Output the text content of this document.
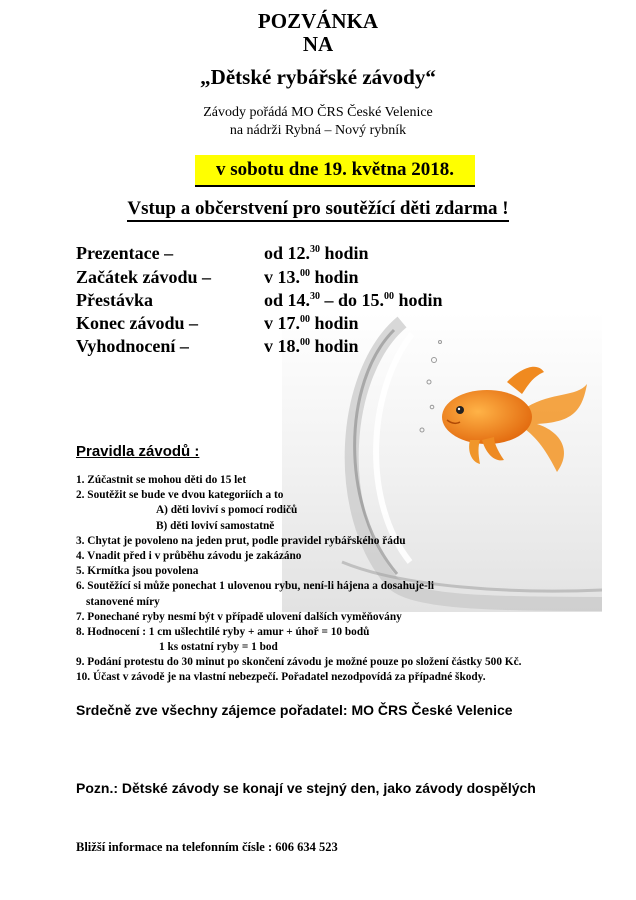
POZVÁNKA
NA
„Dětské rybářské závody“
Závody pořádá MO ČRS České Velenice
na nádrži Rybná – Nový rybník
v sobotu dne 19. května 2018.
Vstup a občerstvení pro soutěžící děti zdarma !
Prezentace –	od 12.30 hodin
Začátek závodu –	v 13.00 hodin
Přestávka	od 14.30 – do 15.00 hodin
Konec závodu –	v 17.00 hodin
Vyhodnocení –	v 18.00 hodin
Pravidla závodů :
1. Zúčastnit se mohou děti do 15 let
2. Soutěžit se bude ve dvou kategoriích a to
A) děti loviví s pomocí rodičů
B) děti loviví samostatně
3. Chytat je povoleno na jeden prut, podle pravidel rybářského řádu
4. Vnadit před i v průběhu závodu je zakázáno
5. Krmítka jsou povolena
6. Soutěžící si může ponechat 1 ulovenou rybu, není-li hájena a dosahuje-li
stanovené míry
7. Ponechané ryby nesmí být v případě ulovení dalších vyměňovány
8. Hodnocení : 1 cm ušlechtilé ryby + amur + úhoř = 10 bodů
1 ks ostatní ryby = 1 bod
9. Podání protestu do 30 minut po skončení závodu je možné pouze po složení částky 500 Kč.
10. Účast v závodě je na vlastní nebezpečí. Pořadatel nezodpovídá za případné škody.
Srdečně zve všechny zájemce pořadatel: MO ČRS České Velenice
Pozn.: Dětské závody se konají ve stejný den, jako závody dospělých
Bližší informace na telefonním čísle : 606 634 523
